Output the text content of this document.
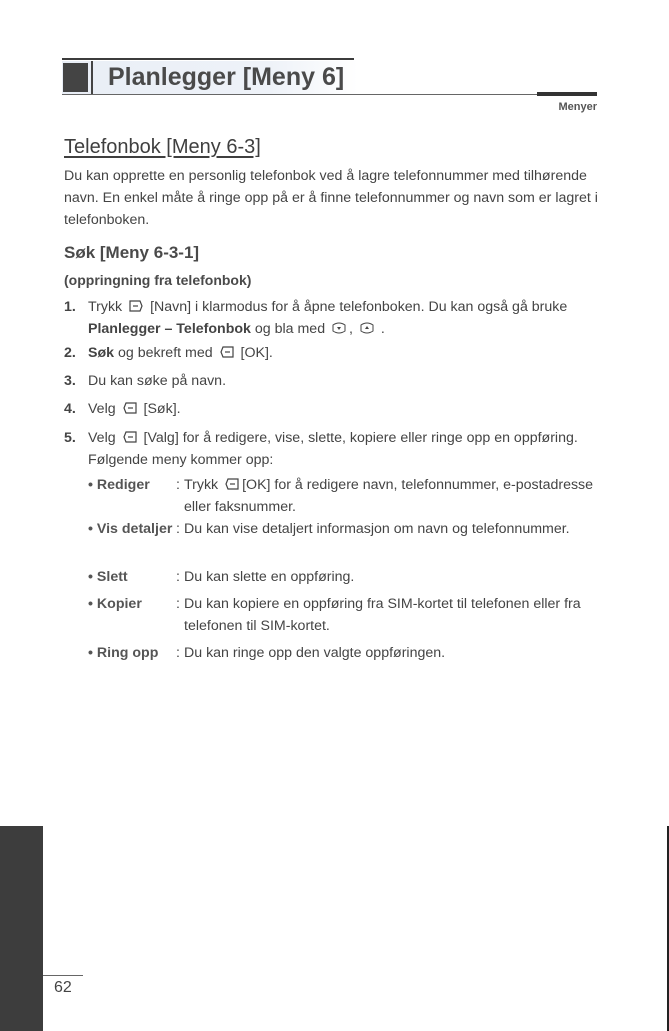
Planlegger [Meny 6]
Menyer
Telefonbok [Meny 6-3]
Du kan opprette en personlig telefonbok ved å lagre telefonnummer med tilhørende navn. En enkel måte å ringe opp på er å finne telefonnummer og navn som er lagret i telefonboken.
Søk [Meny 6-3-1]
(oppringning fra telefonbok)
1. Trykk [Navn] i klarmodus for å åpne telefonboken. Du kan også gå bruke Planlegger – Telefonbok og bla med , .
2. Søk og bekreft med [OK].
3. Du kan søke på navn.
4. Velg [Søk].
5. Velg [Valg] for å redigere, vise, slette, kopiere eller ringe opp en oppføring. Følgende meny kommer opp:
• Rediger : Trykk [OK] for å redigere navn, telefonnummer, e-postadresse eller faksnummer.
• Vis detaljer : Du kan vise detaljert informasjon om navn og telefonnummer.
• Slett	: Du kan slette en oppføring.
• Kopier : Du kan kopiere en oppføring fra SIM-kortet til telefonen eller fra telefonen til SIM-kortet.
• Ring opp : Du kan ringe opp den valgte oppføringen.
62
